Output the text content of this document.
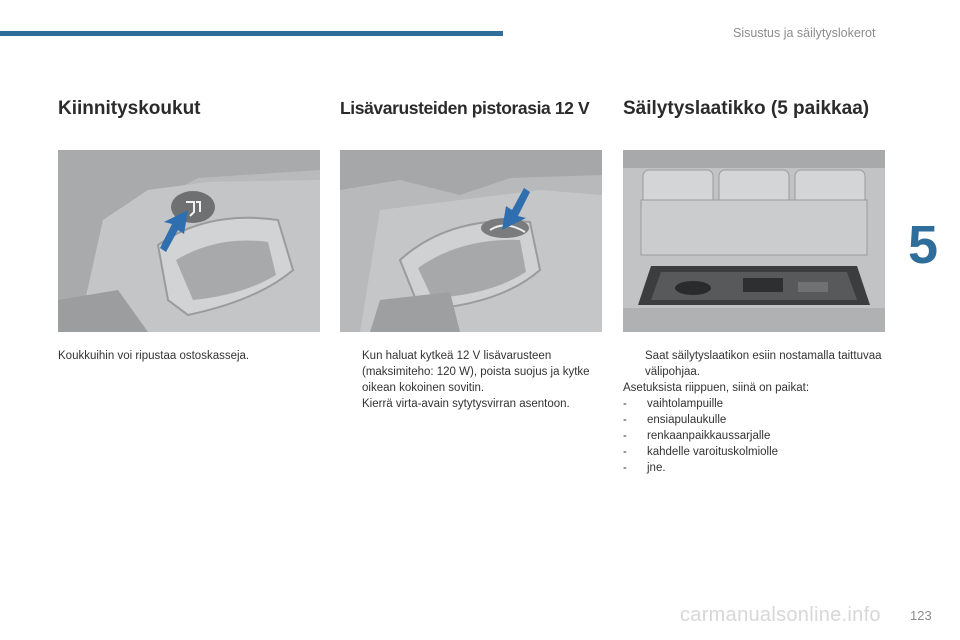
Sisustus ja säilytyslokerot
5
Kiinnityskoukut

Koukkuihin voi ripustaa ostoskasseja.

Lisävarusteiden pistorasia 12 V
Kun haluat kytkeä 12 V lisävarusteen (maksimiteho: 120 W), poista suojus ja kytke oikean kokoinen sovitin.
Kierrä virta-avain sytytysvirran asentoon.
Säilytyslaatikko (5 paikkaa)
Saat säilytyslaatikon esiin nostamalla taittuvaa välipohjaa.

Asetuksista riippuen, siinä on paikat:

- vaihtolampuille
- ensiapulaukulle
- renkaanpaikkaussarjalle
- kahdelle varoituskolmiolle
- jne.
carmanualsonline.info 123
